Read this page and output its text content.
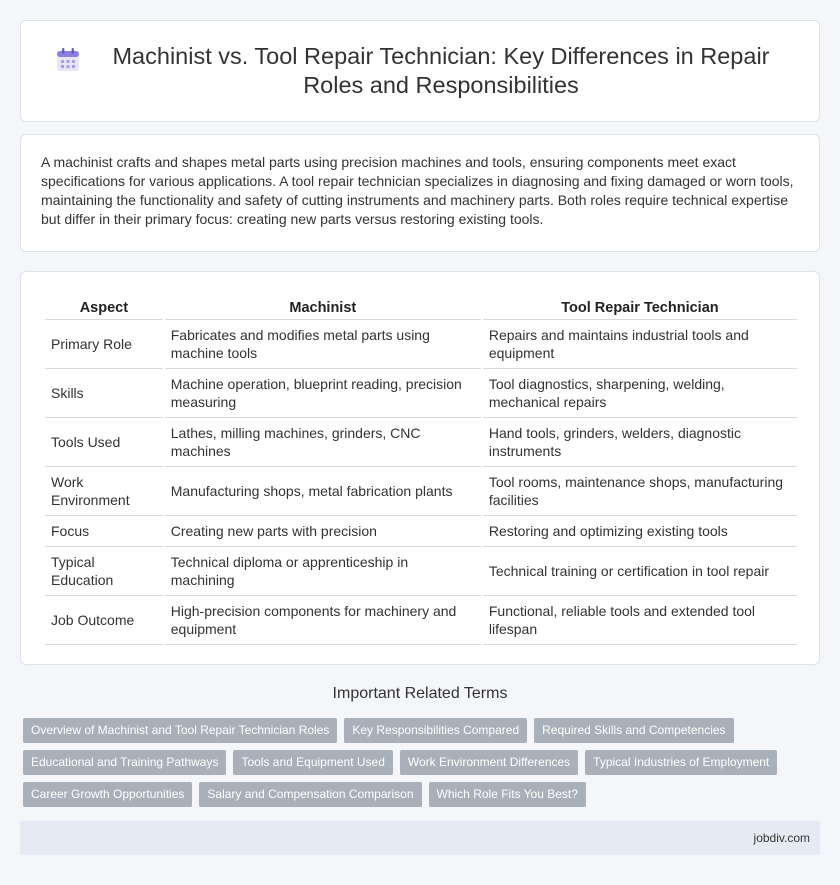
Machinist vs. Tool Repair Technician: Key Differences in Repair Roles and Responsibilities

A machinist crafts and shapes metal parts using precision machines and tools, ensuring components meet exact specifications for various applications. A tool repair technician specializes in diagnosing and fixing damaged or worn tools, maintaining the functionality and safety of cutting instruments and machinery parts. Both roles require technical expertise but differ in their primary focus: creating new parts versus restoring existing tools.

Aspect	Machinist	Tool Repair Technician
Primary Role	Fabricates and modifies metal parts using machine tools	Repairs and maintains industrial tools and equipment
Skills	Machine operation, blueprint reading, precision measuring	Tool diagnostics, sharpening, welding, mechanical repairs
Tools Used	Lathes, milling machines, grinders, CNC machines	Hand tools, grinders, welders, diagnostic instruments
Work Environment	Manufacturing shops, metal fabrication plants	Tool rooms, maintenance shops, manufacturing facilities
Focus	Creating new parts with precision	Restoring and optimizing existing tools
Typical Education	Technical diploma or apprenticeship in machining	Technical training or certification in tool repair
Job Outcome	High-precision components for machinery and equipment	Functional, reliable tools and extended tool lifespan
Important Related Terms
Overview of Machinist and Tool Repair Technician Roles	Key Responsibilities Compared	Required Skills and Competencies
Educational and Training Pathways	Tools and Equipment Used	Work Environment Differences	Typical Industries of Employment
Career Growth Opportunities	Salary and Compensation Comparison	Which Role Fits You Best?
jobdiv.com
